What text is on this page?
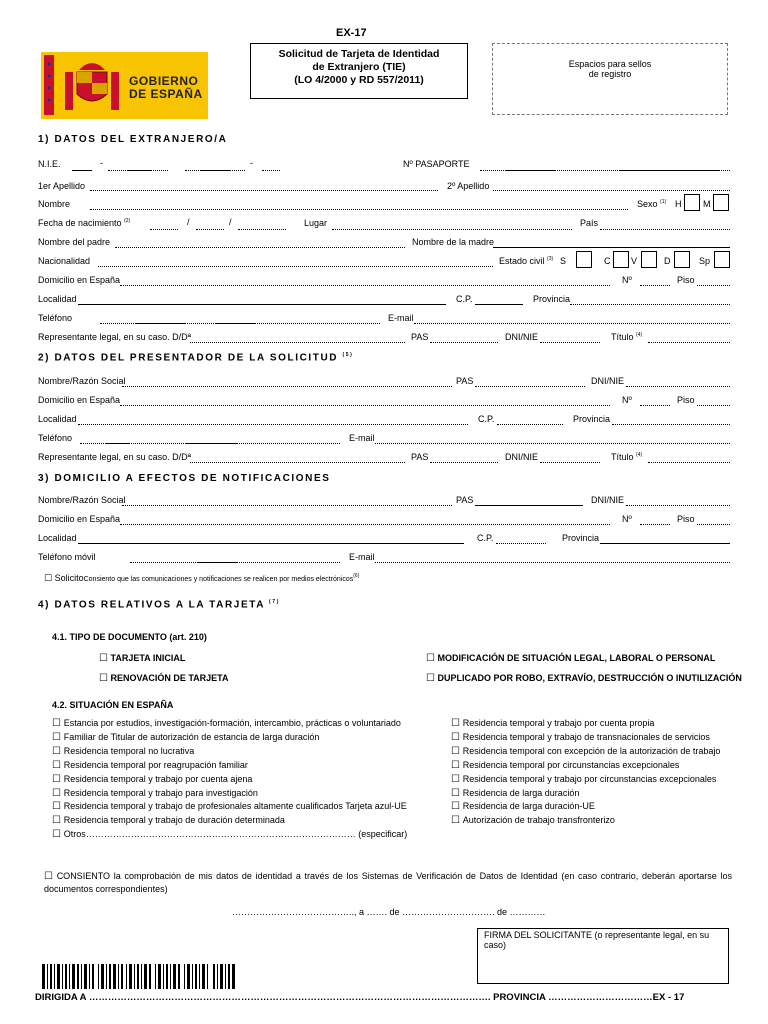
EX-17
GOBIERNO
DE ESPAÑA
Solicitud de Tarjeta de Identidad
de Extranjero (TIE)
(LO 4/2000 y RD 557/2011)
Espacios para sellos
de registro
1) DATOS DEL EXTRANJERO/A
N.I.E.	-	-	Nº PASAPORTE
1er Apellido	2º Apellido
Nombre	Sexo $^{(1)}$ H M
Fecha de nacimiento $^{(2)}$	/	/	Lugar	País
Nombre del padre	Nombre de la madre
Nacionalidad	Estado civil $^{(3)}$ S	C V	D	Sp
Domicilio en España	Nº	Piso
Localidad	C.P.	Provincia
Teléfono	E-mail
Representante legal, en su caso. D/Dª	PAS	DNI/NIE	Título $^{(4)}$
2) DATOS DEL PRESENTADOR DE LA SOLICITUD $^{(5)}$
Nombre/Razón Social	PAS	DNI/NIE
Domicilio en España	Nº	Piso
Localidad	C.P.	Provincia
Teléfono	E-mail
Representante legal, en su caso. D/Dª	PAS	DNI/NIE	Título $^{(4)}$
3) DOMICILIO A EFECTOS DE NOTIFICACIONES
Nombre/Razón Social	PAS	DNI/NIE
Domicilio en España	Nº	Piso
Localidad	C.P.	Provincia
Teléfono móvil	E-mail
☐ SolicitoConsiento que las comunicaciones y notificaciones se realicen por medios electrónicos$^{(6)}$
4) DATOS RELATIVOS A LA TARJETA $^{(7)}$
4.1. TIPO DE DOCUMENTO (art. 210)
☐ TARJETA INICIAL
☐ RENOVACIÓN DE TARJETA
☐ MODIFICACIÓN DE SITUACIÓN LEGAL, LABORAL O PERSONAL
☐ DUPLICADO POR ROBO, EXTRAVÍO, DESTRUCCIÓN O INUTILIZACIÓN
4.2. SITUACIÓN EN ESPAÑA
☐ Estancia por estudios, investigación-formación, intercambio, prácticas o voluntariado
☐ Familiar de Titular de autorización de estancia de larga duración
☐ Residencia temporal no lucrativa
☐ Residencia temporal por reagrupación familiar
☐ Residencia temporal y trabajo por cuenta ajena
☐ Residencia temporal y trabajo para investigación
☐ Residencia temporal y trabajo de profesionales altamente cualificados Tarjeta azul-UE
☐ Residencia temporal y trabajo de duración determinada
☐ Otros……………………………………………………………………………… (especificar)
☐ Residencia temporal y trabajo por cuenta propia
☐ Residencia temporal y trabajo de transnacionales de servicios
☐ Residencia temporal con excepción de la autorización de trabajo
☐ Residencia temporal por circunstancias excepcionales
☐ Residencia temporal y trabajo por circunstancias excepcionales
☐ Residencia de larga duración
☐ Residencia de larga duración-UE
☐ Autorización de trabajo transfronterizo
☐ CONSIENTO la comprobación de mis datos de identidad a través de los Sistemas de Verificación de Datos de Identidad (en caso contrario, deberán aportarse los documentos correspondientes)
………………………………….., a ……. de …………………………. de …………
FIRMA DEL SOLICITANTE (o representante legal, en su caso)
DIRIGIDA A ………………………………………………………………………………………………………………. PROVINCIA ……………………………EX - 17
